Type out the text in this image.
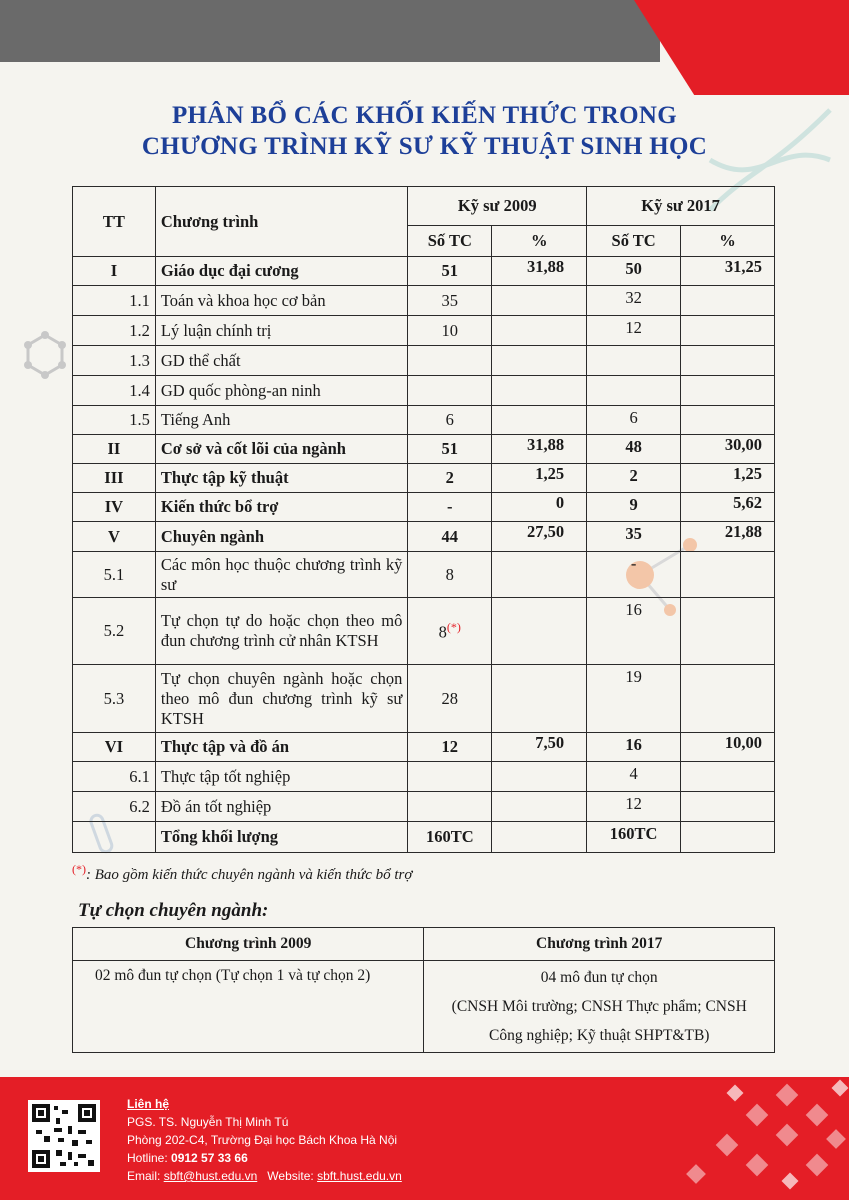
PHÂN BỔ CÁC KHỐI KIẾN THỨC TRONG
CHƯƠNG TRÌNH KỸ SƯ KỸ THUẬT SINH HỌC
TT	Chương trình	Kỹ sư 2009		Kỹ sư 2017	
		Số TC	%	Số TC	%
I	Giáo dục đại cương	51	31,88	50	31,25
1.1	Toán và khoa học cơ bản	35		32	
1.2	Lý luận chính trị	10		12	
1.3	GD thể chất				
1.4	GD quốc phòng-an ninh				
1.5	Tiếng Anh	6		6	
II	Cơ sở và cốt lõi của ngành	51	31,88	48	30,00
III	Thực tập kỹ thuật	2	1,25	2	1,25
IV	Kiến thức bổ trợ	-	0	9	5,62
V	Chuyên ngành	44	27,50	35	21,88
5.1	Các môn học thuộc chương trình kỹ sư	8		-	
5.2	Tự chọn tự do hoặc chọn theo mô đun chương trình cử nhân KTSH	8(*)		16	
5.3	Tự chọn chuyên ngành hoặc chọn theo mô đun chương trình kỹ sư KTSH	28		19	
VI	Thực tập và đồ án	12	7,50	16	10,00
6.1	Thực tập tốt nghiệp			4	
6.2	Đồ án tốt nghiệp			12	
	Tổng khối lượng	160TC		160TC	
(*): Bao gồm kiến thức chuyên ngành và kiến thức bổ trợ
Tự chọn chuyên ngành:
Chương trình 2009	Chương trình 2017
02 mô đun tự chọn (Tự chọn 1 và tự chọn 2)	04 mô đun tự chọn
(CNSH Môi trường; CNSH Thực phẩm; CNSH
Công nghiệp; Kỹ thuật SHPT&TB)
Liên hệ
PGS. TS. Nguyễn Thị Minh Tú
Phòng 202-C4, Trường Đại học Bách Khoa Hà Nội
Hotline: 0912 57 33 66
Email: sbft@hust.edu.vn Website: sbft.hust.edu.vn
